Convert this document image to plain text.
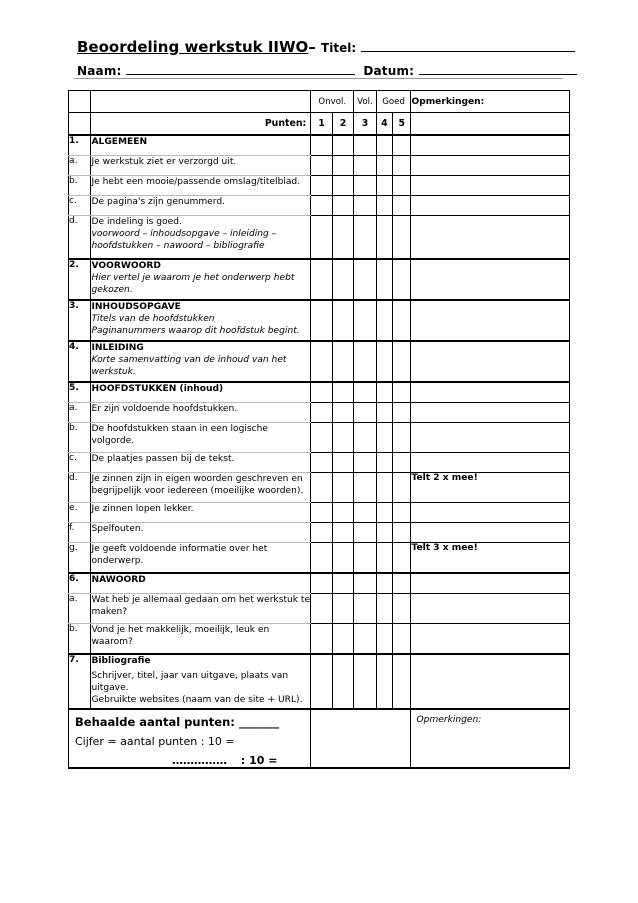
Beoordeling werkstuk IIWO– Titel:
Naam:	Datum:
		Onvol.		Vol.	Goed		Opmerkingen:
	Punten:	1	2	3	4	5	
1.	ALGEMEEN						
a.	Je werkstuk ziet er verzorgd uit.						
b.	Je hebt een mooie/passende omslag/titelblad.						
c.	De pagina's zijn genummerd.						
d.	De indeling is goed.
voorwoord – inhoudsopgave – inleiding – hoofdstukken – nawoord – bibliografie						

2.	VOORWOORD
Hier vertel je waarom je het onderwerp hebt gekozen.						

3.	INHOUDSOPGAVE
Titels van de hoofdstukken
Paginanummers waarop dit hoofdstuk begint.						

4.	INLEIDING
Korte samenvatting van de inhoud van het werkstuk.						

5.	HOOFDSTUKKEN (inhoud)						
a.	Er zijn voldoende hoofdstukken.						
b.	De hoofdstukken staan in een logische volgorde.						
c.	De plaatjes passen bij de tekst.						
d.	Je zinnen zijn in eigen woorden geschreven en begrijpelijk voor iedereen (moeilijke woorden).						Telt 2 x mee!
e.	Je zinnen lopen lekker.						
f.	Spelfouten.						
g.	Je geeft voldoende informatie over het onderwerp.						Telt 3 x mee!
6.	NAWOORD						
a.	Wat heb je allemaal gedaan om het werkstuk te maken?						
b.	Vond je het makkelijk, moeilijk, leuk en waarom?						
7.	Bibliografie
Schrijver, titel, jaar van uitgave, plaats van uitgave.
Gebruikte websites (naam van de site + URL).						

Behaalde aantal punten: _______
Cijfer = aantal punten : 10 =
…………… : 10 =							Opmerkingen:
